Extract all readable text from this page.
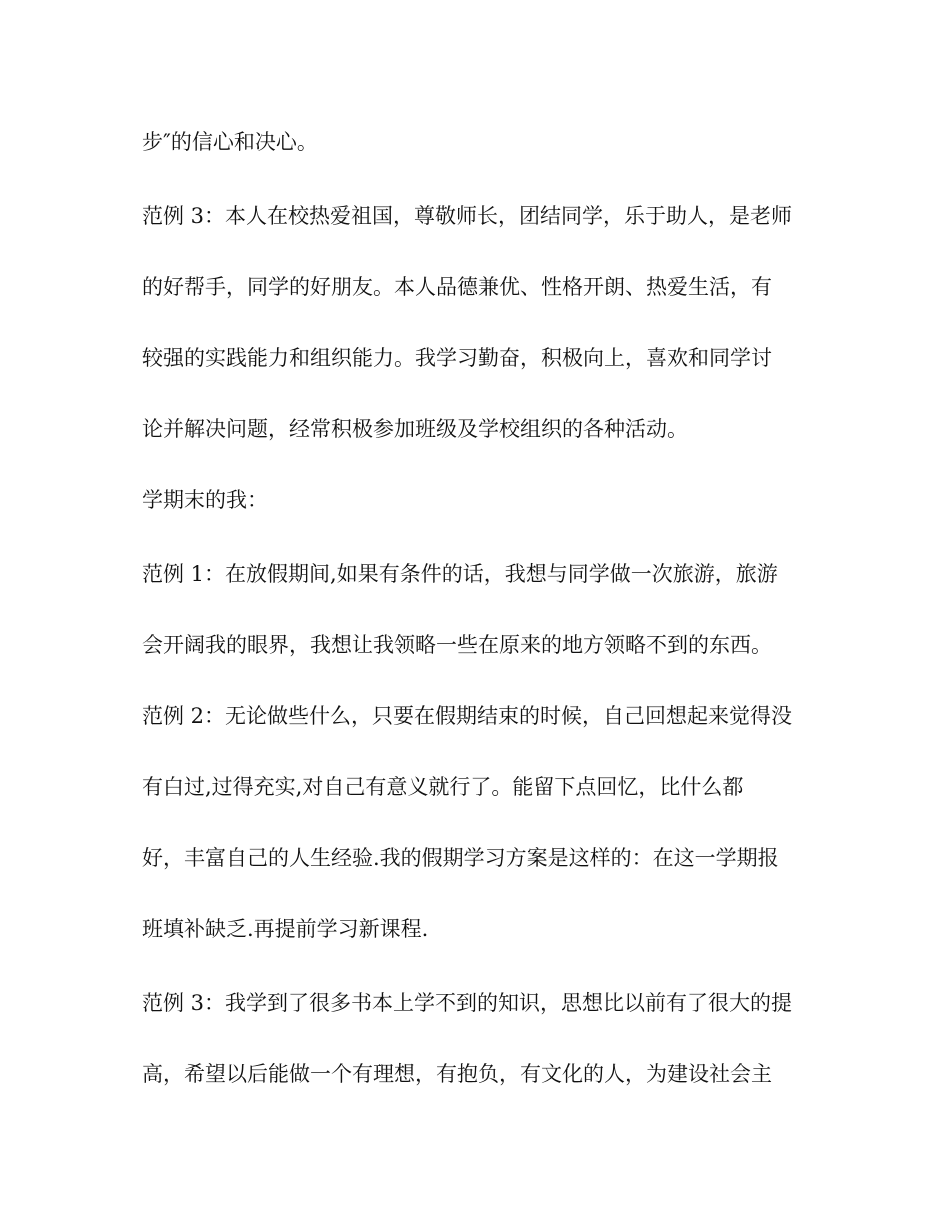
步″的信心和决心。
范例 3：本人在校热爱祖国，尊敬师长，团结同学，乐于助人，是老师
的好帮手，同学的好朋友。本人品德兼优、性格开朗、热爱生活，有
较强的实践能力和组织能力。我学习勤奋，积极向上，喜欢和同学讨
论并解决问题，经常积极参加班级及学校组织的各种活动。
学期末的我：
范例 1：在放假期间,如果有条件的话，我想与同学做一次旅游，旅游
会开阔我的眼界，我想让我领略一些在原来的地方领略不到的东西。
范例 2：无论做些什么，只要在假期结束的时候，自己回想起来觉得没
有白过,过得充实,对自己有意义就行了。能留下点回忆，比什么都
好，丰富自己的人生经验.我的假期学习方案是这样的：在这一学期报
班填补缺乏.再提前学习新课程.
范例 3：我学到了很多书本上学不到的知识，思想比以前有了很大的提
高，希望以后能做一个有理想，有抱负，有文化的人，为建设社会主
